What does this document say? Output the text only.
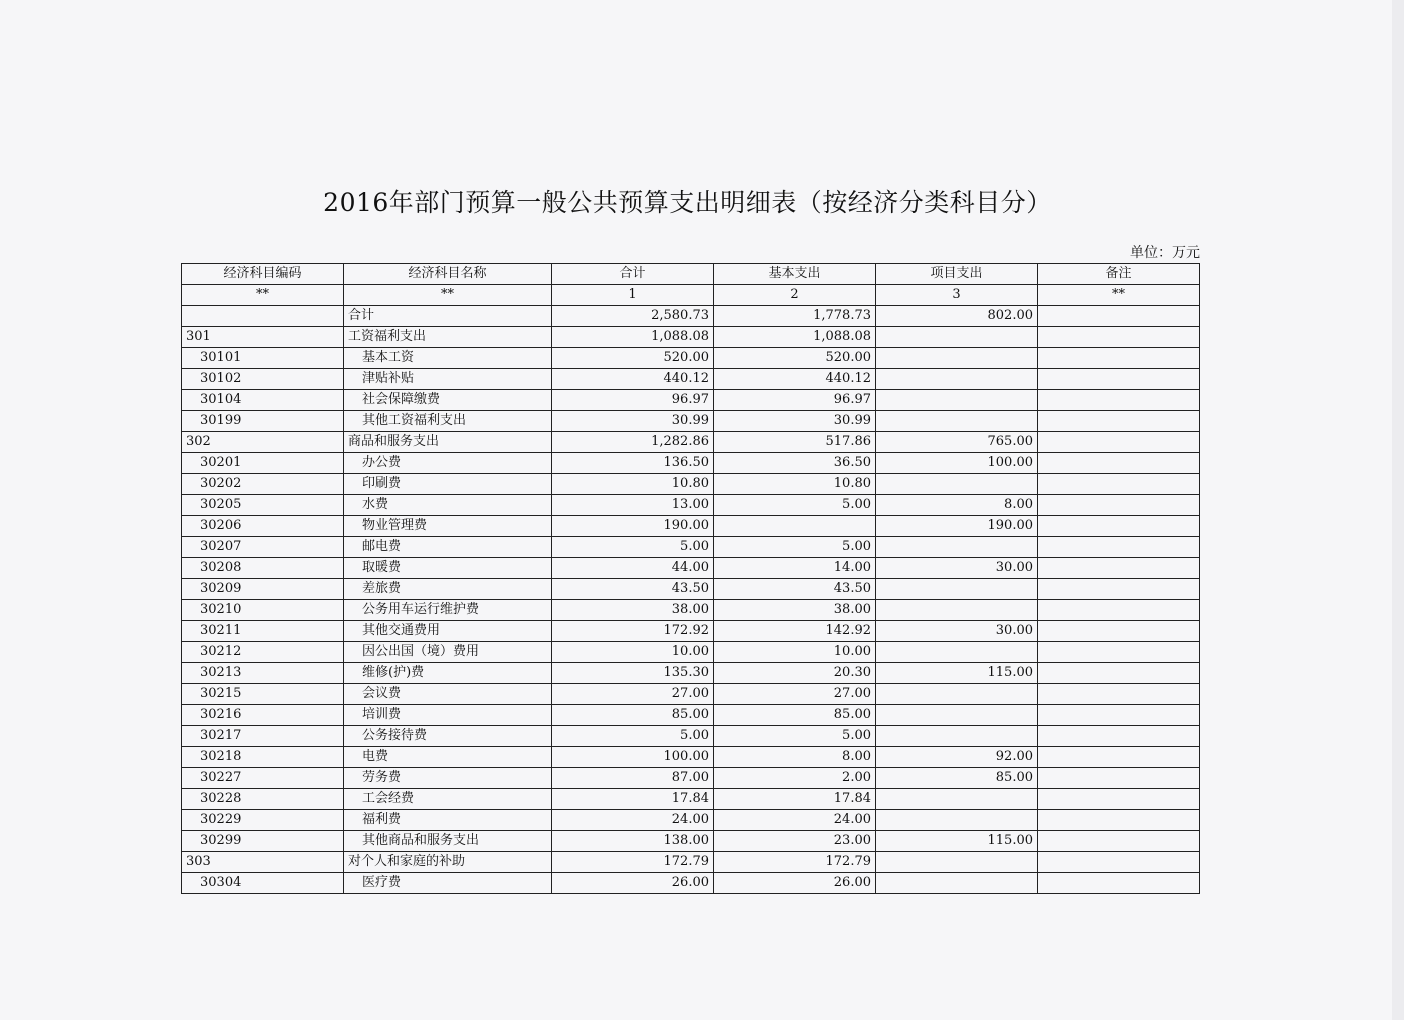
2016年部门预算一般公共预算支出明细表（按经济分类科目分）
单位：万元
经济科目编码	经济科目名称	合计	基本支出	项目支出	备注
**	**	1	2	3	**
	合计	2,580.73	1,778.73	802.00	
301	工资福利支出	1,088.08	1,088.08		
30101	基本工资	520.00	520.00		
30102	津贴补贴	440.12	440.12		
30104	社会保障缴费	96.97	96.97		
30199	其他工资福利支出	30.99	30.99		
302	商品和服务支出	1,282.86	517.86	765.00	
30201	办公费	136.50	36.50	100.00	
30202	印刷费	10.80	10.80		
30205	水费	13.00	5.00	8.00	
30206	物业管理费	190.00		190.00	
30207	邮电费	5.00	5.00		
30208	取暖费	44.00	14.00	30.00	
30209	差旅费	43.50	43.50		
30210	公务用车运行维护费	38.00	38.00		
30211	其他交通费用	172.92	142.92	30.00	
30212	因公出国（境）费用	10.00	10.00		
30213	维修(护)费	135.30	20.30	115.00	
30215	会议费	27.00	27.00		
30216	培训费	85.00	85.00		
30217	公务接待费	5.00	5.00		
30218	电费	100.00	8.00	92.00	
30227	劳务费	87.00	2.00	85.00	
30228	工会经费	17.84	17.84		
30229	福利费	24.00	24.00		
30299	其他商品和服务支出	138.00	23.00	115.00	
303	对个人和家庭的补助	172.79	172.79		
30304	医疗费	26.00	26.00		
